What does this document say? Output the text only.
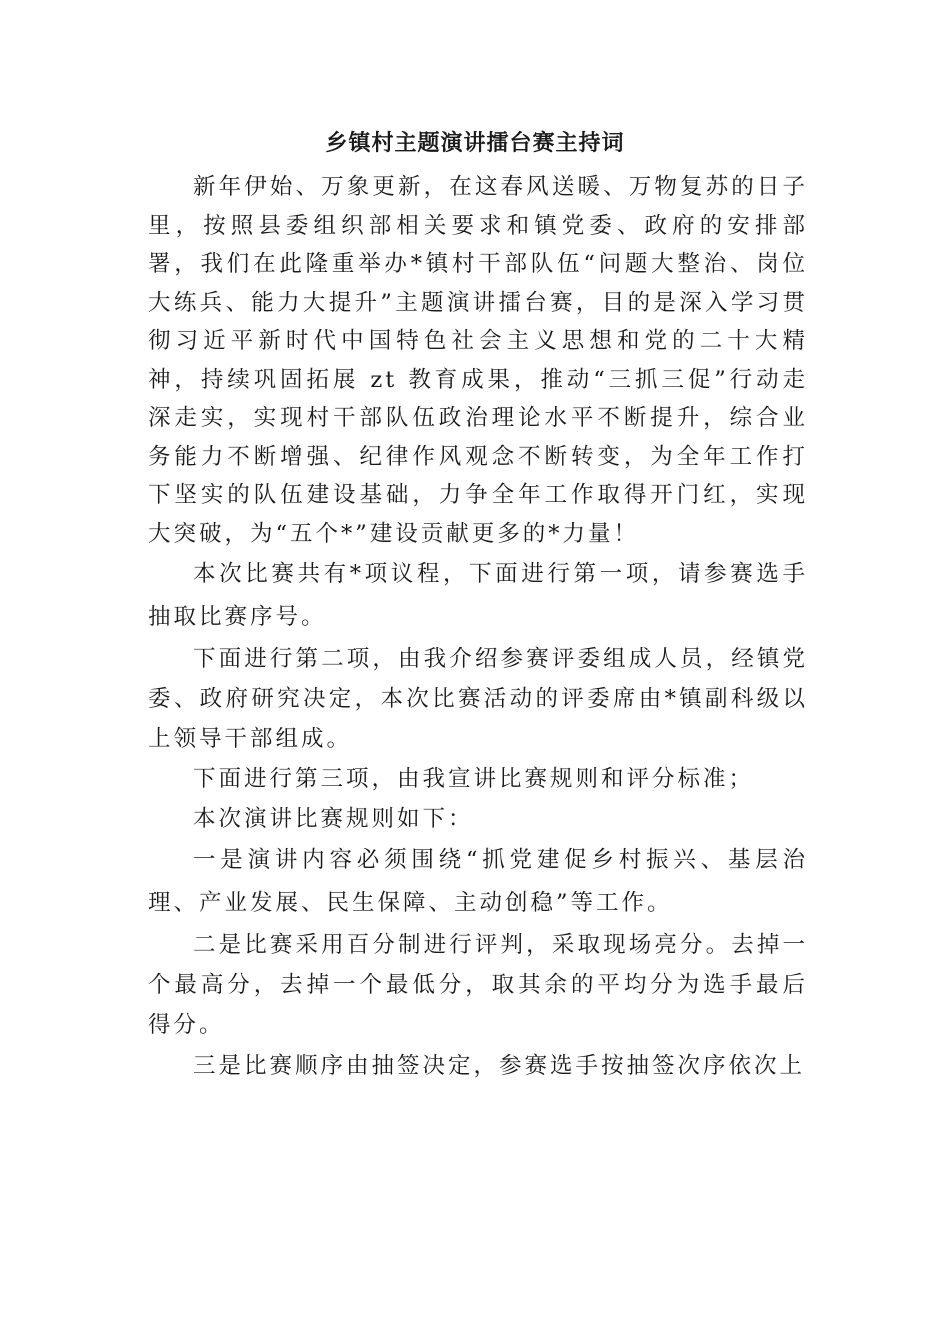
乡镇村主题演讲擂台赛主持词

新年伊始、万象更新，在这春风送暖、万物复苏的日子里，按照县委组织部相关要求和镇党委、政府的安排部署，我们在此隆重举办*镇村干部队伍“问题大整治、岗位大练兵、能力大提升”主题演讲擂台赛，目的是深入学习贯彻习近平新时代中国特色社会主义思想和党的二十大精神，持续巩固拓展 zt 教育成果，推动“三抓三促”行动走深走实，实现村干部队伍政治理论水平不断提升，综合业务能力不断增强、纪律作风观念不断转变，为全年工作打下坚实的队伍建设基础，力争全年工作取得开门红，实现大突破，为“五个*”建设贡献更多的*力量！

本次比赛共有*项议程，下面进行第一项，请参赛选手抽取比赛序号。

下面进行第二项，由我介绍参赛评委组成人员，经镇党委、政府研究决定，本次比赛活动的评委席由*镇副科级以上领导干部组成。

下面进行第三项，由我宣讲比赛规则和评分标准；

本次演讲比赛规则如下：

一是演讲内容必须围绕“抓党建促乡村振兴、基层治理、产业发展、民生保障、主动创稳”等工作。

二是比赛采用百分制进行评判，采取现场亮分。去掉一个最高分，去掉一个最低分，取其余的平均分为选手最后得分。

三是比赛顺序由抽签决定，参赛选手按抽签次序依次上
